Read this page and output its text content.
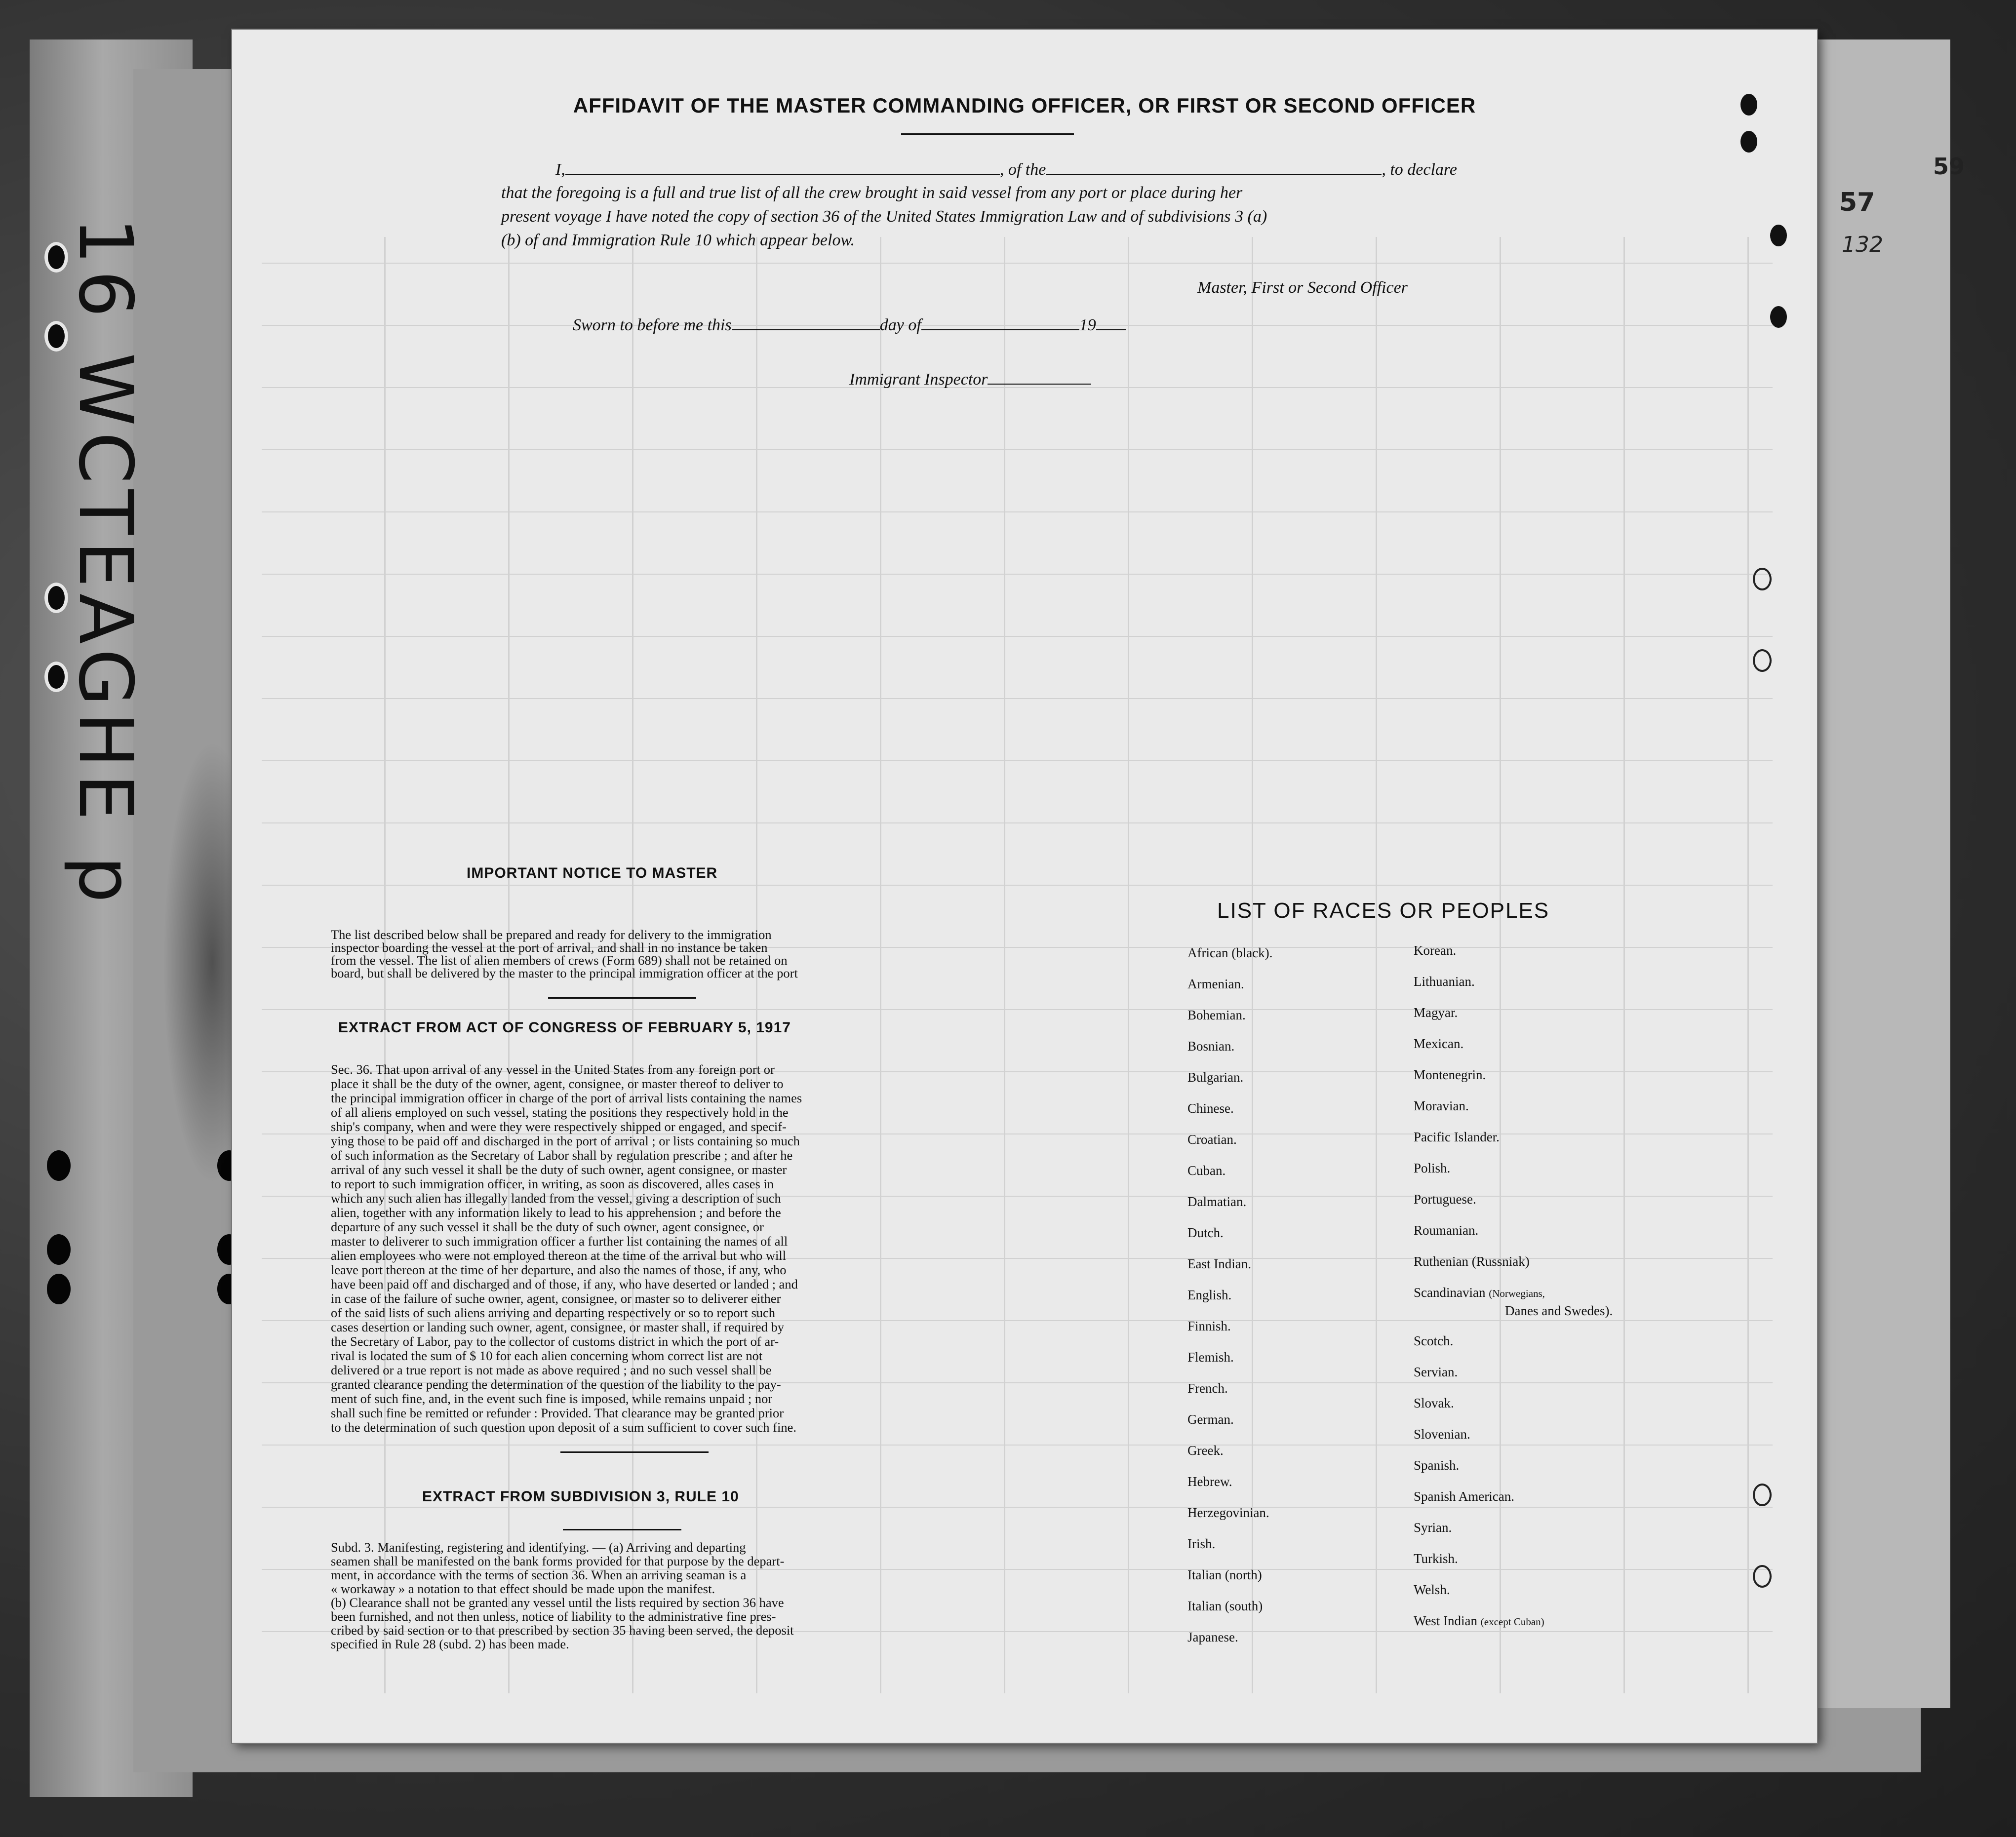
16 WCTEAGHE p
57
59
132
AFFIDAVIT OF THE MASTER COMMANDING OFFICER, OR FIRST OR SECOND OFFICER
I,	, of the	, to declare
that the foregoing is a full and true list of all the crew brought in said vessel from any port or place during her
present voyage I have noted the copy of section 36 of the United States Immigration Law and of subdivisions 3 (a)
(b) of and Immigration Rule 10 which appear below.
Master, First or Second Officer
Sworn to before me this	day of	19
Immigrant Inspector
IMPORTANT NOTICE TO MASTER
The list described below shall be prepared and ready for delivery to the immigration
inspector boarding the vessel at the port of arrival, and shall in no instance be taken
from the vessel. The list of alien members of crews (Form 689) shall not be retained on
board, but shall be delivered by the master to the principal immigration officer at the port
EXTRACT FROM ACT OF CONGRESS OF FEBRUARY 5, 1917
Sec. 36. That upon arrival of any vessel in the United States from any foreign port or
place it shall be the duty of the owner, agent, consignee, or master thereof to deliver to
the principal immigration officer in charge of the port of arrival lists containing the names
of all aliens employed on such vessel, stating the positions they respectively hold in the
ship's company, when and were they were respectively shipped or engaged, and specif-
ying those to be paid off and discharged in the port of arrival ; or lists containing so much
of such information as the Secretary of Labor shall by regulation prescribe ; and after he
arrival of any such vessel it shall be the duty of such owner, agent consignee, or master
to report to such immigration officer, in writing, as soon as discovered, alles cases in
which any such alien has illegally landed from the vessel, giving a description of such
alien, together with any information likely to lead to his apprehension ; and before the
departure of any such vessel it shall be the duty of such owner, agent consignee, or
master to deliverer to such immigration officer a further list containing the names of all
alien employees who were not employed thereon at the time of the arrival but who will
leave port thereon at the time of her departure, and also the names of those, if any, who
have been paid off and discharged and of those, if any, who have deserted or landed ; and
in case of the failure of suche owner, agent, consignee, or master so to deliverer either
of the said lists of such aliens arriving and departing respectively or so to report such
cases desertion or landing such owner, agent, consignee, or master shall, if required by
the Secretary of Labor, pay to the collector of customs district in which the port of ar-
rival is located the sum of $ 10 for each alien concerning whom correct list are not
delivered or a true report is not made as above required ; and no such vessel shall be
granted clearance pending the determination of the question of the liability to the pay-
ment of such fine, and, in the event such fine is imposed, while remains unpaid ; nor
shall such fine be remitted or refunder : Provided. That clearance may be granted prior
to the determination of such question upon deposit of a sum sufficient to cover such fine.
EXTRACT FROM SUBDIVISION 3, RULE 10
Subd. 3. Manifesting, registering and identifying. — (a) Arriving and departing
seamen shall be manifested on the bank forms provided for that purpose by the depart-
ment, in accordance with the terms of section 36. When an arriving seaman is a
« workaway » a notation to that effect should be made upon the manifest.
(b) Clearance shall not be granted any vessel until the lists required by section 36 have
been furnished, and not then unless, notice of liability to the administrative fine pres-
cribed by said section or to that prescribed by section 35 having been served, the deposit
specified in Rule 28 (subd. 2) has been made.
LIST OF RACES OR PEOPLES
African (black).
Armenian.
Bohemian.
Bosnian.
Bulgarian.
Chinese.
Croatian.
Cuban.
Dalmatian.
Dutch.
East Indian.
English.
Finnish.
Flemish.
French.
German.
Greek.
Hebrew.
Herzegovinian.
Irish.
Italian (north)
Italian (south)
Japanese.
Korean.
Lithuanian.
Magyar.
Mexican.
Montenegrin.
Moravian.
Pacific Islander.
Polish.
Portuguese.
Roumanian.
Ruthenian (Russniak)
Scandinavian (Norwegians,
Danes and Swedes).
Scotch.
Servian.
Slovak.
Slovenian.
Spanish.
Spanish American.
Syrian.
Turkish.
Welsh.
West Indian (except Cuban)
